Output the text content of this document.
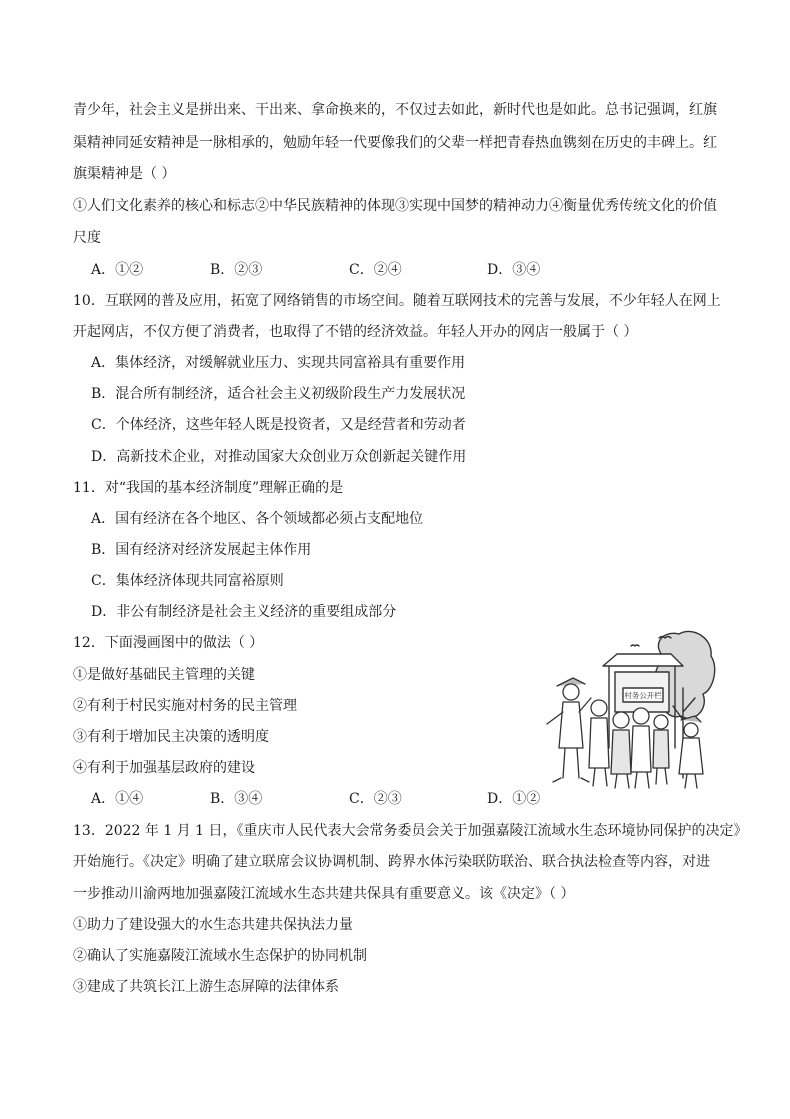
青少年，社会主义是拼出来、干出来、拿命换来的，不仅过去如此，新时代也是如此。总书记强调，红旗
渠精神同延安精神是一脉相承的，勉励年轻一代要像我们的父辈一样把青春热血镌刻在历史的丰碑上。红
旗渠精神是（ ）
①人们文化素养的核心和标志②中华民族精神的体现③实现中国梦的精神动力④衡量优秀传统文化的价值
尺度
A．①②	B．②③	C．②④	D．③④
10．互联网的普及应用，拓宽了网络销售的市场空间。随着互联网技术的完善与发展，不少年轻人在网上
开起网店，不仅方便了消费者，也取得了不错的经济效益。年轻人开办的网店一般属于（ ）
A．集体经济，对缓解就业压力、实现共同富裕具有重要作用
B．混合所有制经济，适合社会主义初级阶段生产力发展状况
C．个体经济，这些年轻人既是投资者，又是经营者和劳动者
D．高新技术企业，对推动国家大众创业万众创新起关键作用
11．对“我国的基本经济制度”理解正确的是
A．国有经济在各个地区、各个领域都必须占支配地位
B．国有经济对经济发展起主体作用
C．集体经济体现共同富裕原则
D．非公有制经济是社会主义经济的重要组成部分
12．下面漫画图中的做法（ ）
①是做好基础民主管理的关键
②有利于村民实施对村务的民主管理
③有利于增加民主决策的透明度
④有利于加强基层政府的建设
A．①④	B．③④	C．②③	D．①②
村务公开栏
13．2022 年 1 月 1 日，《重庆市人民代表大会常务委员会关于加强嘉陵江流域水生态环境协同保护的决定》
开始施行。《决定》明确了建立联席会议协调机制、跨界水体污染联防联治、联合执法检查等内容，对进
一步推动川渝两地加强嘉陵江流域水生态共建共保具有重要意义。该《决定》（ ）
①助力了建设强大的水生态共建共保执法力量
②确认了实施嘉陵江流域水生态保护的协同机制
③建成了共筑长江上游生态屏障的法律体系
